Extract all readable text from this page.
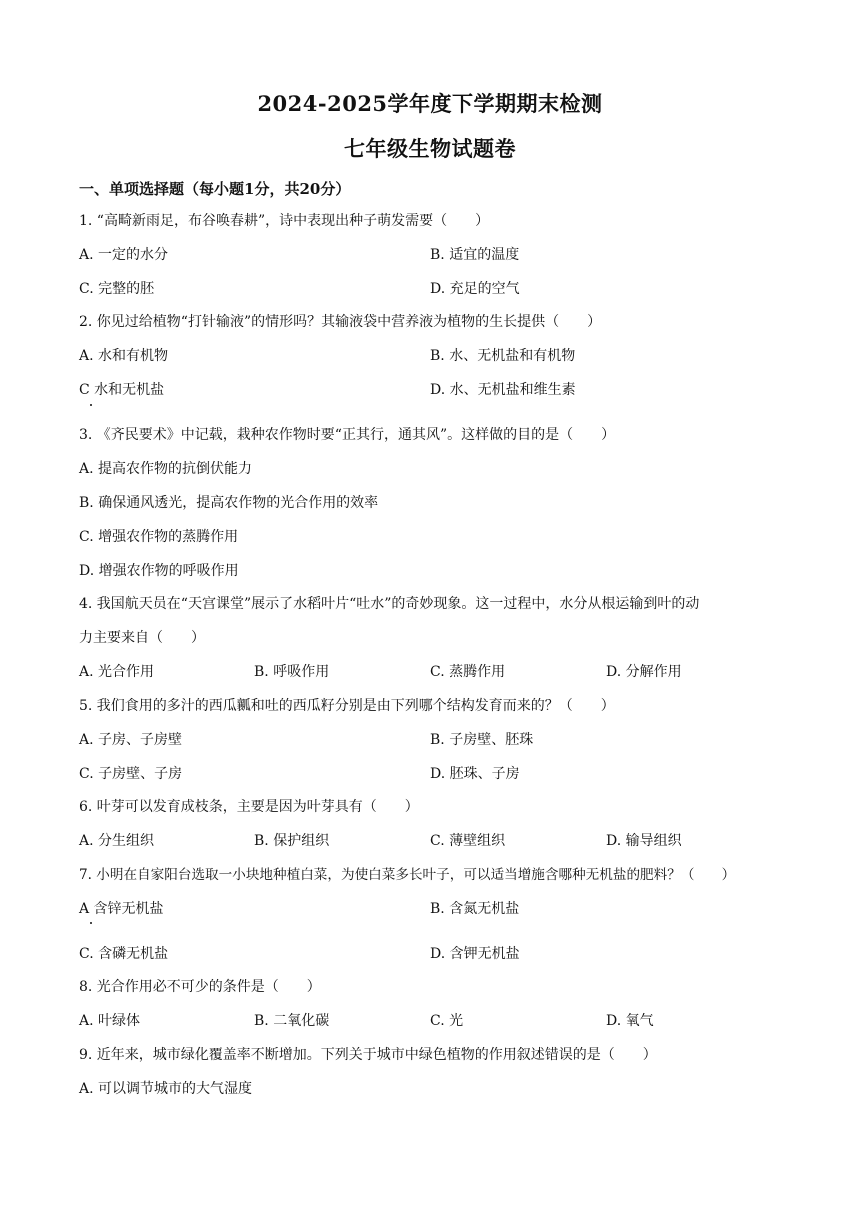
2024-2025学年度下学期期末检测
七年级生物试题卷
一、单项选择题（每小题1分，共20分）
1. “高畸新雨足，布谷唤春耕”，诗中表现出种子萌发需要（　　）
A. 一定的水分	B. 适宜的温度
C. 完整的胚	D. 充足的空气
2. 你见过给植物“打针输液”的情形吗？其输液袋中营养液为植物的生长提供（　　）
A. 水和有机物	B. 水、无机盐和有机物
C 水和无机盐	D. 水、无机盐和维生素
3. 《齐民要术》中记载，栽种农作物时要“正其行，通其风”。这样做的目的是（　　）
A. 提高农作物的抗倒伏能力
B. 确保通风透光，提高农作物的光合作用的效率
C. 增强农作物的蒸腾作用
D. 增强农作物的呼吸作用
4. 我国航天员在“天宫课堂”展示了水稻叶片“吐水”的奇妙现象。这一过程中，水分从根运输到叶的动
力主要来自（　　）
A. 光合作用	B. 呼吸作用	C. 蒸腾作用	D. 分解作用
5. 我们食用的多汁的西瓜瓤和吐的西瓜籽分别是由下列哪个结构发育而来的？（　　）
A. 子房、子房壁	B. 子房壁、胚珠
C. 子房壁、子房	D. 胚珠、子房
6. 叶芽可以发育成枝条，主要是因为叶芽具有（　　）
A. 分生组织	B. 保护组织	C. 薄壁组织	D. 输导组织
7. 小明在自家阳台选取一小块地种植白菜，为使白菜多长叶子，可以适当增施含哪种无机盐的肥料？（　　）
A 含锌无机盐	B. 含氮无机盐
C. 含磷无机盐	D. 含钾无机盐
8. 光合作用必不可少的条件是（　　）
A. 叶绿体	B. 二氧化碳	C. 光	D. 氧气
9. 近年来，城市绿化覆盖率不断增加。下列关于城市中绿色植物的作用叙述错误的是（　　）
A. 可以调节城市的大气湿度
